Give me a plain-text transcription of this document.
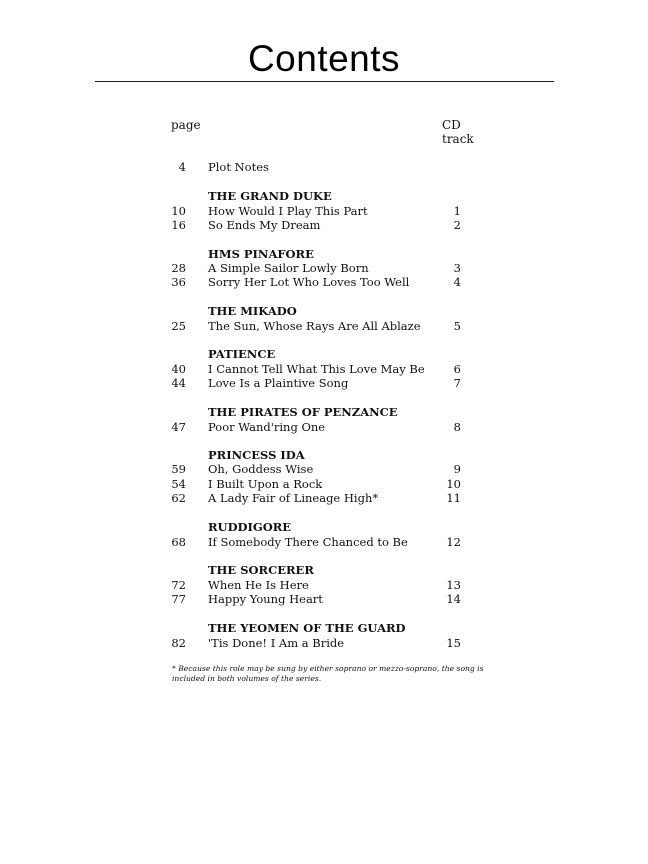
Contents
page	CD
track
4 Plot Notes
THE GRAND DUKE
10 How Would I Play This Part	1
16 So Ends My Dream	2
HMS PINAFORE
28 A Simple Sailor Lowly Born	3
36 Sorry Her Lot Who Loves Too Well	4
THE MIKADO
25 The Sun, Whose Rays Are All Ablaze	5
PATIENCE
40 I Cannot Tell What This Love May Be	6
44 Love Is a Plaintive Song	7
THE PIRATES OF PENZANCE
47 Poor Wand'ring One	8
PRINCESS IDA
59 Oh, Goddess Wise	9
54 I Built Upon a Rock	10
62 A Lady Fair of Lineage High*	11
RUDDIGORE
68 If Somebody There Chanced to Be	12
THE SORCERER
72 When He Is Here	13
77 Happy Young Heart	14
THE YEOMEN OF THE GUARD
82 'Tis Done! I Am a Bride	15
* Because this role may be sung by either soprano or mezzo-soprano, the song is included in both volumes of the series.
